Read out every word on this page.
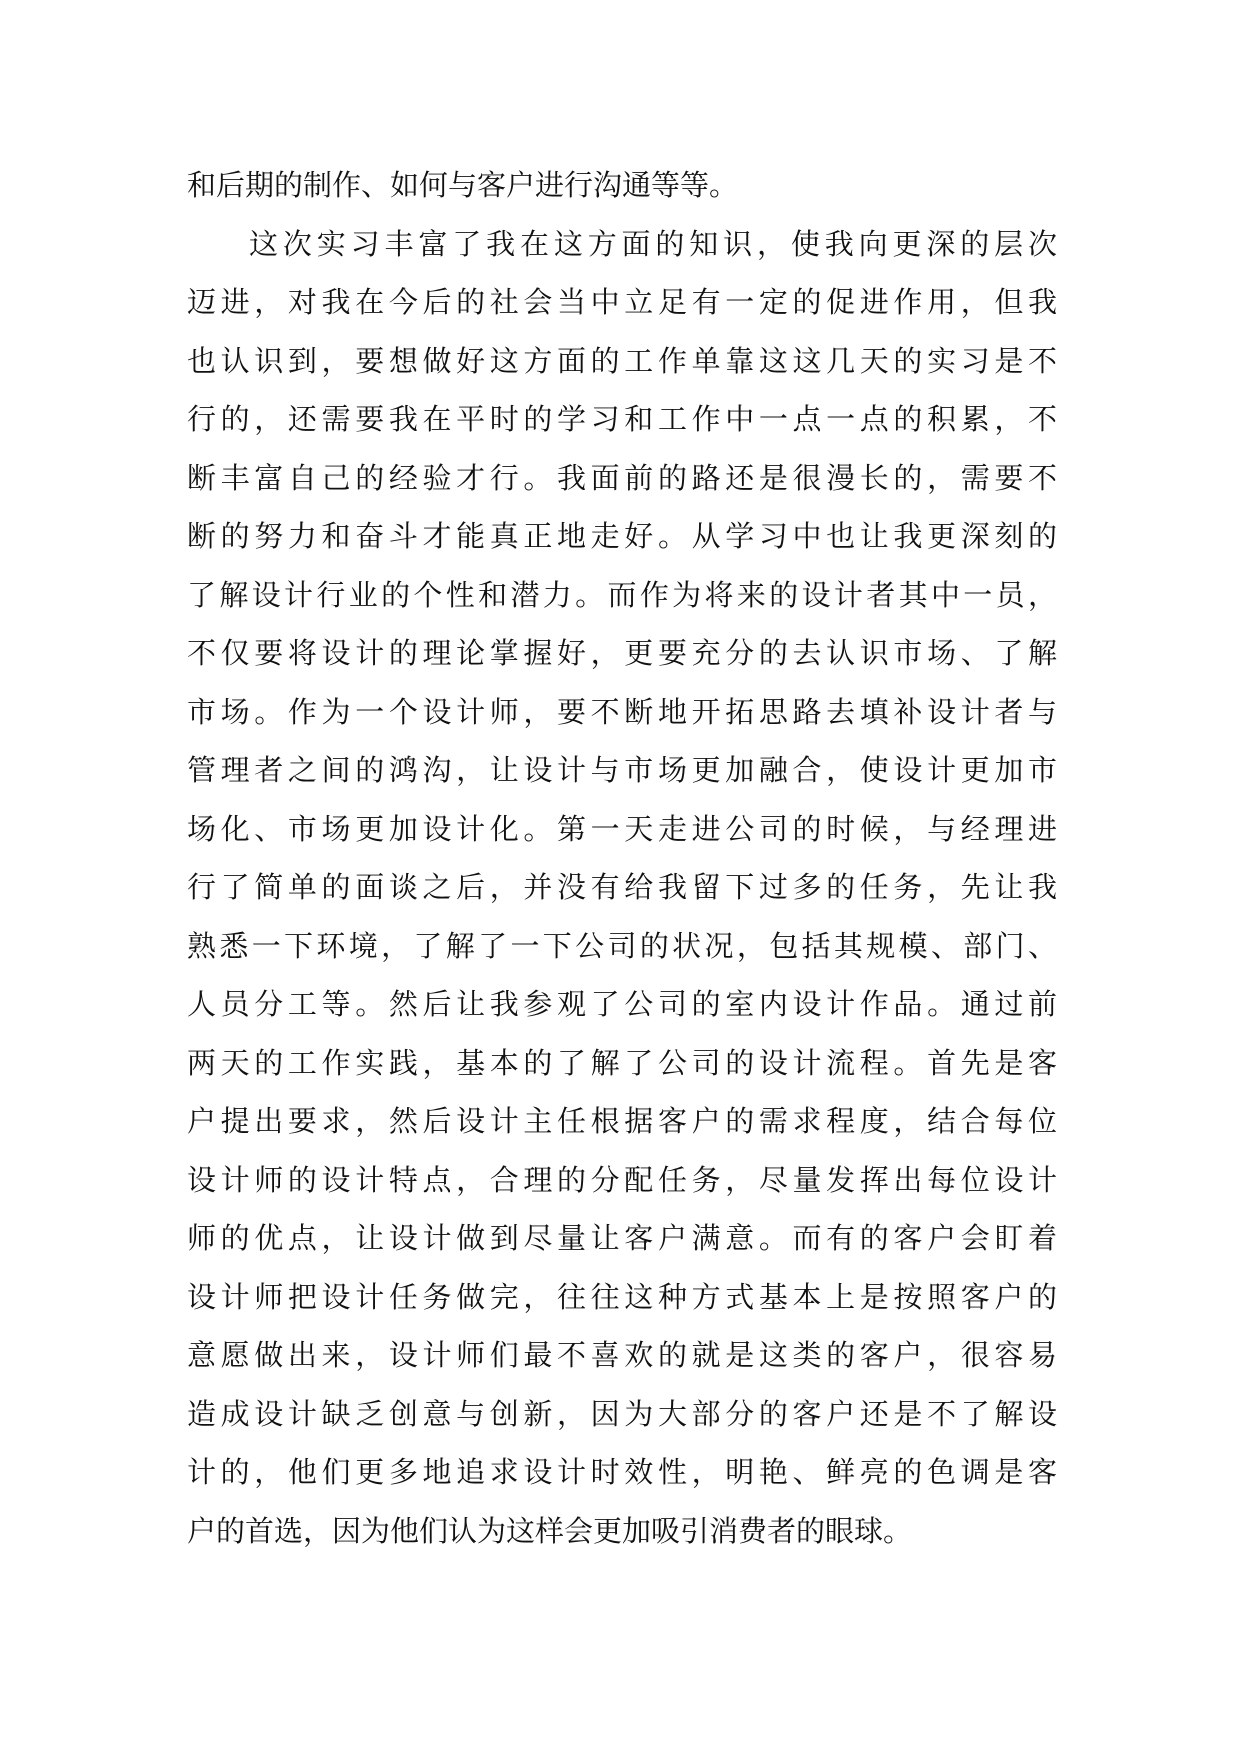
和后期的制作、如何与客户进行沟通等等。
这次实习丰富了我在这方面的知识，使我向更深的层次
迈进，对我在今后的社会当中立足有一定的促进作用，但我
也认识到，要想做好这方面的工作单靠这这几天的实习是不
行的，还需要我在平时的学习和工作中一点一点的积累，不
断丰富自己的经验才行。我面前的路还是很漫长的，需要不
断的努力和奋斗才能真正地走好。从学习中也让我更深刻的
了解设计行业的个性和潜力。而作为将来的设计者其中一员，
不仅要将设计的理论掌握好，更要充分的去认识市场、了解
市场。作为一个设计师，要不断地开拓思路去填补设计者与
管理者之间的鸿沟，让设计与市场更加融合，使设计更加市
场化、市场更加设计化。第一天走进公司的时候，与经理进
行了简单的面谈之后，并没有给我留下过多的任务，先让我
熟悉一下环境，了解了一下公司的状况，包括其规模、部门、
人员分工等。然后让我参观了公司的室内设计作品。通过前
两天的工作实践，基本的了解了公司的设计流程。首先是客
户提出要求，然后设计主任根据客户的需求程度，结合每位
设计师的设计特点，合理的分配任务，尽量发挥出每位设计
师的优点，让设计做到尽量让客户满意。而有的客户会盯着
设计师把设计任务做完，往往这种方式基本上是按照客户的
意愿做出来，设计师们最不喜欢的就是这类的客户，很容易
造成设计缺乏创意与创新，因为大部分的客户还是不了解设
计的，他们更多地追求设计时效性，明艳、鲜亮的色调是客
户的首选，因为他们认为这样会更加吸引消费者的眼球。
